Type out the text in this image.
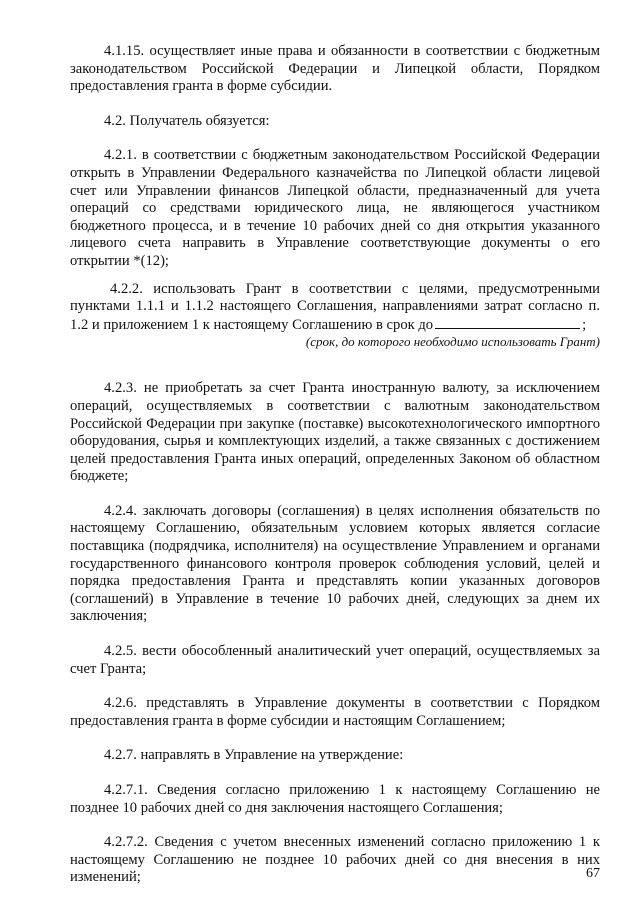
4.1.15. осуществляет иные права и обязанности в соответствии с бюджетным законодательством Российской Федерации и Липецкой области, Порядком предоставления гранта в форме субсидии.

4.2. Получатель обязуется:

4.2.1. в соответствии с бюджетным законодательством Российской Федерации открыть в Управлении Федерального казначейства по Липецкой области лицевой счет или Управлении финансов Липецкой области, предназначенный для учета операций со средствами юридического лица, не являющегося участником бюджетного процесса, и в течение 10 рабочих дней со дня открытия указанного лицевого счета направить в Управление соответствующие документы о его открытии *(12);

4.2.2. использовать Грант в соответствии с целями, предусмотренными пунктами 1.1.1 и 1.1.2 настоящего Соглашения, направлениями затрат согласно п. 1.2 и приложением 1 к настоящему Соглашению в срок до	;

(срок, до которого необходимо использовать Грант)

4.2.3. не приобретать за счет Гранта иностранную валюту, за исключением операций, осуществляемых в соответствии с валютным законодательством Российской Федерации при закупке (поставке) высокотехнологического импортного оборудования, сырья и комплектующих изделий, а также связанных с достижением целей предоставления Гранта иных операций, определенных Законом об областном бюджете;

4.2.4. заключать договоры (соглашения) в целях исполнения обязательств по настоящему Соглашению, обязательным условием которых является согласие поставщика (подрядчика, исполнителя) на осуществление Управлением и органами государственного финансового контроля проверок соблюдения условий, целей и порядка предоставления Гранта и представлять копии указанных договоров (соглашений) в Управление в течение 10 рабочих дней, следующих за днем их заключения;

4.2.5. вести обособленный аналитический учет операций, осуществляемых за счет Гранта;

4.2.6. представлять в Управление документы в соответствии с Порядком предоставления гранта в форме субсидии и настоящим Соглашением;

4.2.7. направлять в Управление на утверждение:

4.2.7.1. Сведения согласно приложению 1 к настоящему Соглашению не позднее 10 рабочих дней со дня заключения настоящего Соглашения;

4.2.7.2. Сведения с учетом внесенных изменений согласно приложению 1 к настоящему Соглашению не позднее 10 рабочих дней со дня внесения в них изменений;	67
